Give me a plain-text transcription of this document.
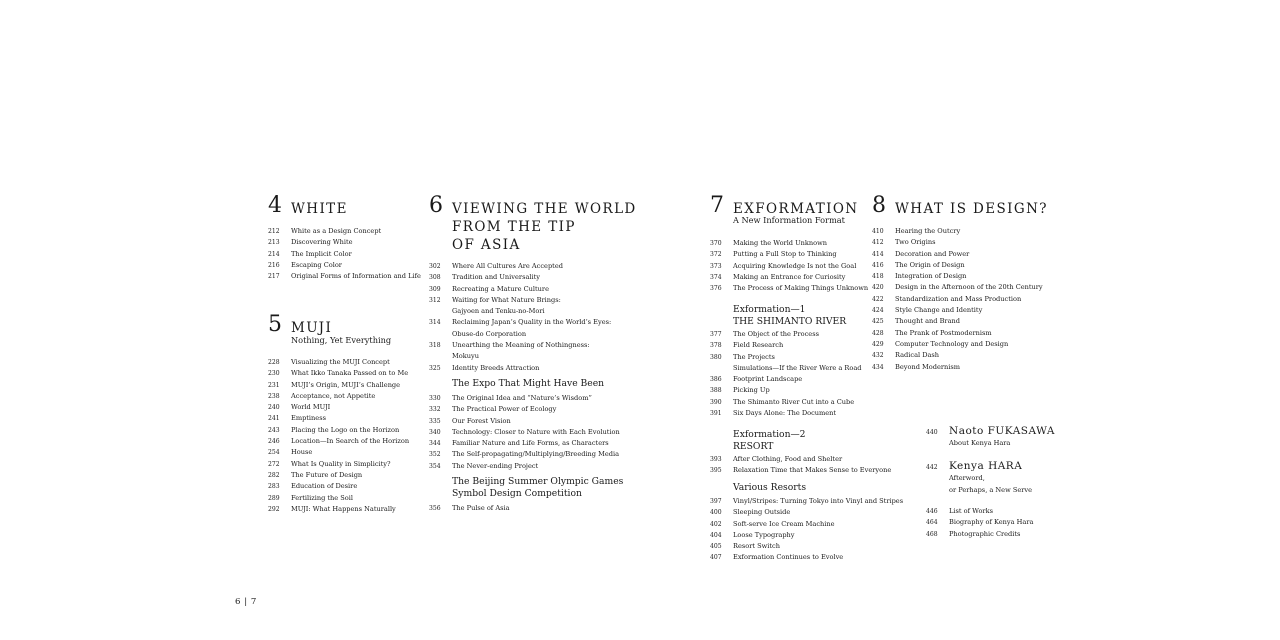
4 WHITE
212	White as a Design Concept
213	Discovering White
214	The Implicit Color
216	Escaping Color
217	Original Forms of Information and Life
5 MUJI
Nothing, Yet Everything
228	Visualizing the MUJI Concept
230	What Ikko Tanaka Passed on to Me
231	MUJI’s Origin, MUJI’s Challenge
238	Acceptance, not Appetite
240	World MUJI
241	Emptiness
243	Placing the Logo on the Horizon
246	Location—In Search of the Horizon
254	House
272	What Is Quality in Simplicity?
282	The Future of Design
283	Education of Desire
289	Fertilizing the Soil
292	MUJI: What Happens Naturally
6 VIEWING THE WORLD
FROM THE TIP
OF ASIA
302	Where All Cultures Are Accepted
308	Tradition and Universality
309	Recreating a Mature Culture
312	Waiting for What Nature Brings:
Gajyoen and Tenku-no-Mori
314	Reclaiming Japan’s Quality in the World’s Eyes:
Obuse-do Corporation
318	Unearthing the Meaning of Nothingness:
Mokuyu
325	Identity Breeds Attraction
The Expo That Might Have Been
330	The Original Idea and “Nature’s Wisdom”
332	The Practical Power of Ecology
335	Our Forest Vision
340	Technology: Closer to Nature with Each Evolution
344	Familiar Nature and Life Forms, as Characters
352	The Self-propagating/Multiplying/Breeding Media
354	The Never-ending Project
The Beijing Summer Olympic Games
Symbol Design Competition
356	The Pulse of Asia
7 EXFORMATION
A New Information Format
370	Making the World Unknown
372	Putting a Full Stop to Thinking
373	Acquiring Knowledge Is not the Goal
374	Making an Entrance for Curiosity
376	The Process of Making Things Unknown
Exformation—1
THE SHIMANTO RIVER
377	The Object of the Process
378	Field Research
380	The Projects
Simulations—If the River Were a Road
386	Footprint Landscape
388	Picking Up
390	The Shimanto River Cut into a Cube
391	Six Days Alone: The Document
Exformation—2
RESORT
393	After Clothing, Food and Shelter
395	Relaxation Time that Makes Sense to Everyone
Various Resorts
397	Vinyl/Stripes: Turning Tokyo into Vinyl and Stripes
400	Sleeping Outside
402	Soft-serve Ice Cream Machine
404	Loose Typography
405	Resort Switch
407	Exformation Continues to Evolve
8 WHAT IS DESIGN?
410	Hearing the Outcry
412	Two Origins
414	Decoration and Power
416	The Origin of Design
418	Integration of Design
420	Design in the Afternoon of the 20th Century
422	Standardization and Mass Production
424	Style Change and Identity
425	Thought and Brand
428	The Prank of Postmodernism
429	Computer Technology and Design
432	Radical Dash
434	Beyond Modernism
440	Naoto FUKASAWA
About Kenya Hara
442	Kenya HARA
Afterword,
or Perhaps, a New Serve
446	List of Works
464	Biography of Kenya Hara
468	Photographic Credits
6 | 7
